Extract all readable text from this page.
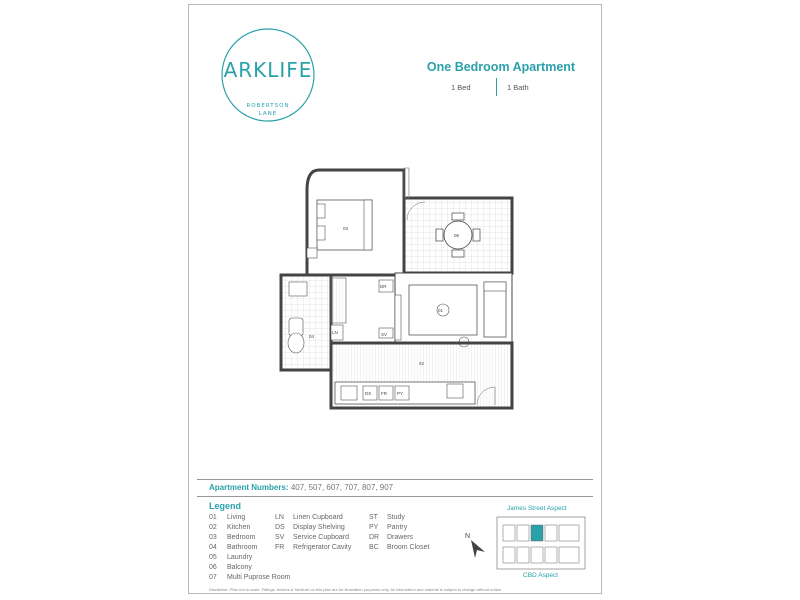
ARKLIFE
ROBERTSON
LANE
One Bedroom Apartment
1 Bed	1 Bath
03
06
04
LN
01
DR
SV
02
DS FR PY
Apartment Numbers: 407, 507, 607, 707, 807, 907
Legend
01 Living
02 Kitchen
03 Bedroom
04 Bathroom
05 Laundry
06 Balcony
07 Multi Puprose Room
LN Linen Cupboard
DS Display Shelving
SV Service Cupboard
FR Refrigerator Cavity
ST Study
PY Pantry
DR Drawers
BC Broom Closet
N
James Street Aspect
CBD Aspect
Disclaimer: Plan not to scale. Fittings, fixtures & furniture on this plan are for illustration purposes only. All information and material is subject to change without notice.
